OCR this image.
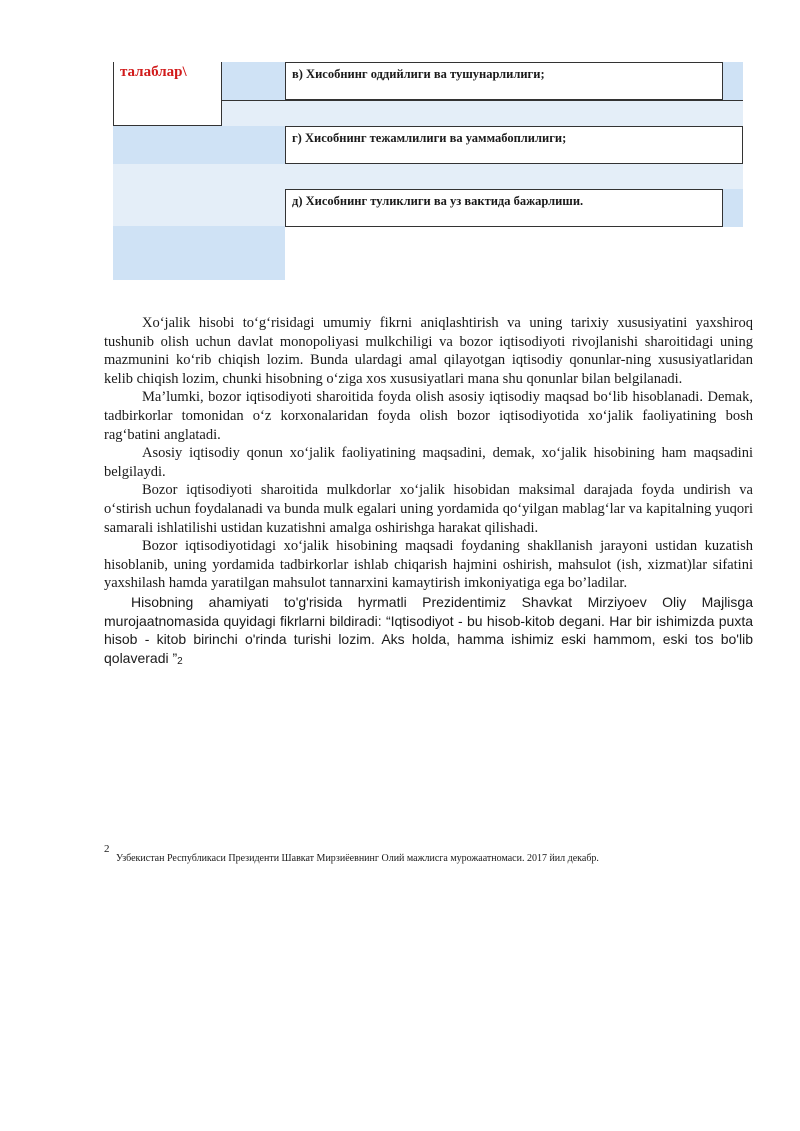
талаблар\	в) Хисобнинг оддийлиги ва тушунарлилиги;
г) Хисобнинг тежамлилиги ва уаммабоплилиги;
д) Хисобнинг туликлиги ва уз вактида бажарлиши.

Xo‘jalik hisobi to‘g‘risidagi umumiy fikrni aniqlashtirish va uning tarixiy xususiyatini yaxshiroq tushunib olish uchun davlat monopoliyasi mulkchiligi va bozor iqtisodiyoti rivojlanishi sharoitidagi uning mazmunini ko‘rib chiqish lozim. Bunda ulardagi amal qilayotgan iqtisodiy qonunlar-ning xususiyatlaridan kelib chiqish lozim, chunki hisobning o‘ziga xos xususiyatlari mana shu qonunlar bilan belgilanadi.

Ma’lumki, bozor iqtisodiyoti sharoitida foyda olish asosiy iqtisodiy maqsad bo‘lib hisoblanadi. Demak, tadbirkorlar tomonidan o‘z korxonalaridan foyda olish bozor iqtisodiyotida xo‘jalik faoliyatining bosh rag‘batini anglatadi.

Asosiy iqtisodiy qonun xo‘jalik faoliyatining maqsadini, demak, xo‘jalik hisobining ham maqsadini belgilaydi.

Bozor iqtisodiyoti sharoitida mulkdorlar xo‘jalik hisobidan maksimal darajada foyda undirish va o‘stirish uchun foydalanadi va bunda mulk egalari uning yordamida qo‘yilgan mablag‘lar va kapitalning yuqori samarali ishlatilishi ustidan kuzatishni amalga oshirishga harakat qilishadi.

Bozor iqtisodiyotidagi xo‘jalik hisobining maqsadi foydaning shakllanish jarayoni ustidan kuzatish hisoblanib, uning yordamida tadbirkorlar ishlab chiqarish hajmini oshirish, mahsulot (ish, xizmat)lar sifatini yaxshilash hamda yaratilgan mahsulot tannarxini kamaytirish imkoniyatiga ega bo’ladilar.

Hisobning ahamiyati to'g'risida hyrmatli Prezidentimiz Shavkat Mirziyoev Oliy Majlisga murojaatnomasida quyidagi fikrlarni bildiradi: “Iqtisodiyot - bu hisob-kitob degani. Har bir ishimizda puxta hisob - kitob birinchi o'rinda turishi lozim. Aks holda, hamma ishimiz eski hammom, eski tos bo'lib qolaveradi $”_2$

2
Узбекистан Республикаси Президенти Шавкат Мирзиёевнинг Олий мажлисга мурожаатномаси. 2017 йил декабр.
